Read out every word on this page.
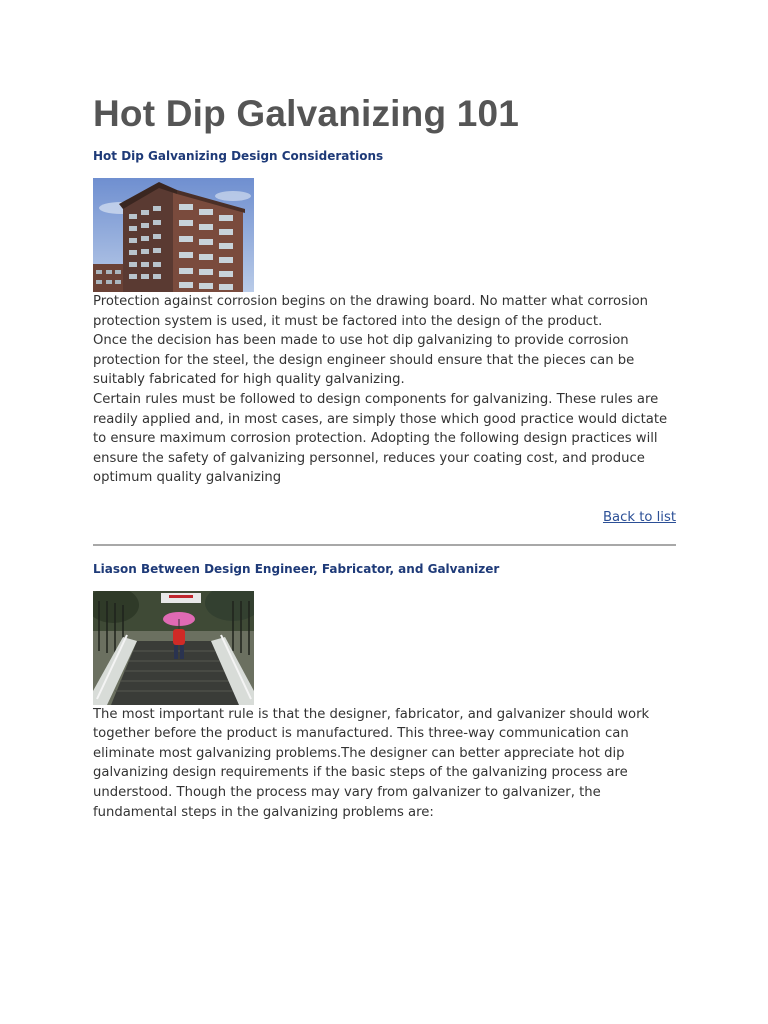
Hot Dip Galvanizing 101
Hot Dip Galvanizing Design Considerations

Protection against corrosion begins on the drawing board. No matter what corrosion protection system is used, it must be factored into the design of the product.

Once the decision has been made to use hot dip galvanizing to provide corrosion protection for the steel, the design engineer should ensure that the pieces can be suitably fabricated for high quality galvanizing.

Certain rules must be followed to design components for galvanizing. These rules are readily applied and, in most cases, are simply those which good practice would dictate to ensure maximum corrosion protection. Adopting the following design practices will ensure the safety of galvanizing personnel, reduces your coating cost, and produce optimum quality galvanizing

Back to list
Liason Between Design Engineer, Fabricator, and Galvanizer

The most important rule is that the designer, fabricator, and galvanizer should work together before the product is manufactured. This three-way communication can eliminate most galvanizing problems.The designer can better appreciate hot dip galvanizing design requirements if the basic steps of the galvanizing process are understood. Though the process may vary from galvanizer to galvanizer, the fundamental steps in the galvanizing problems are:
